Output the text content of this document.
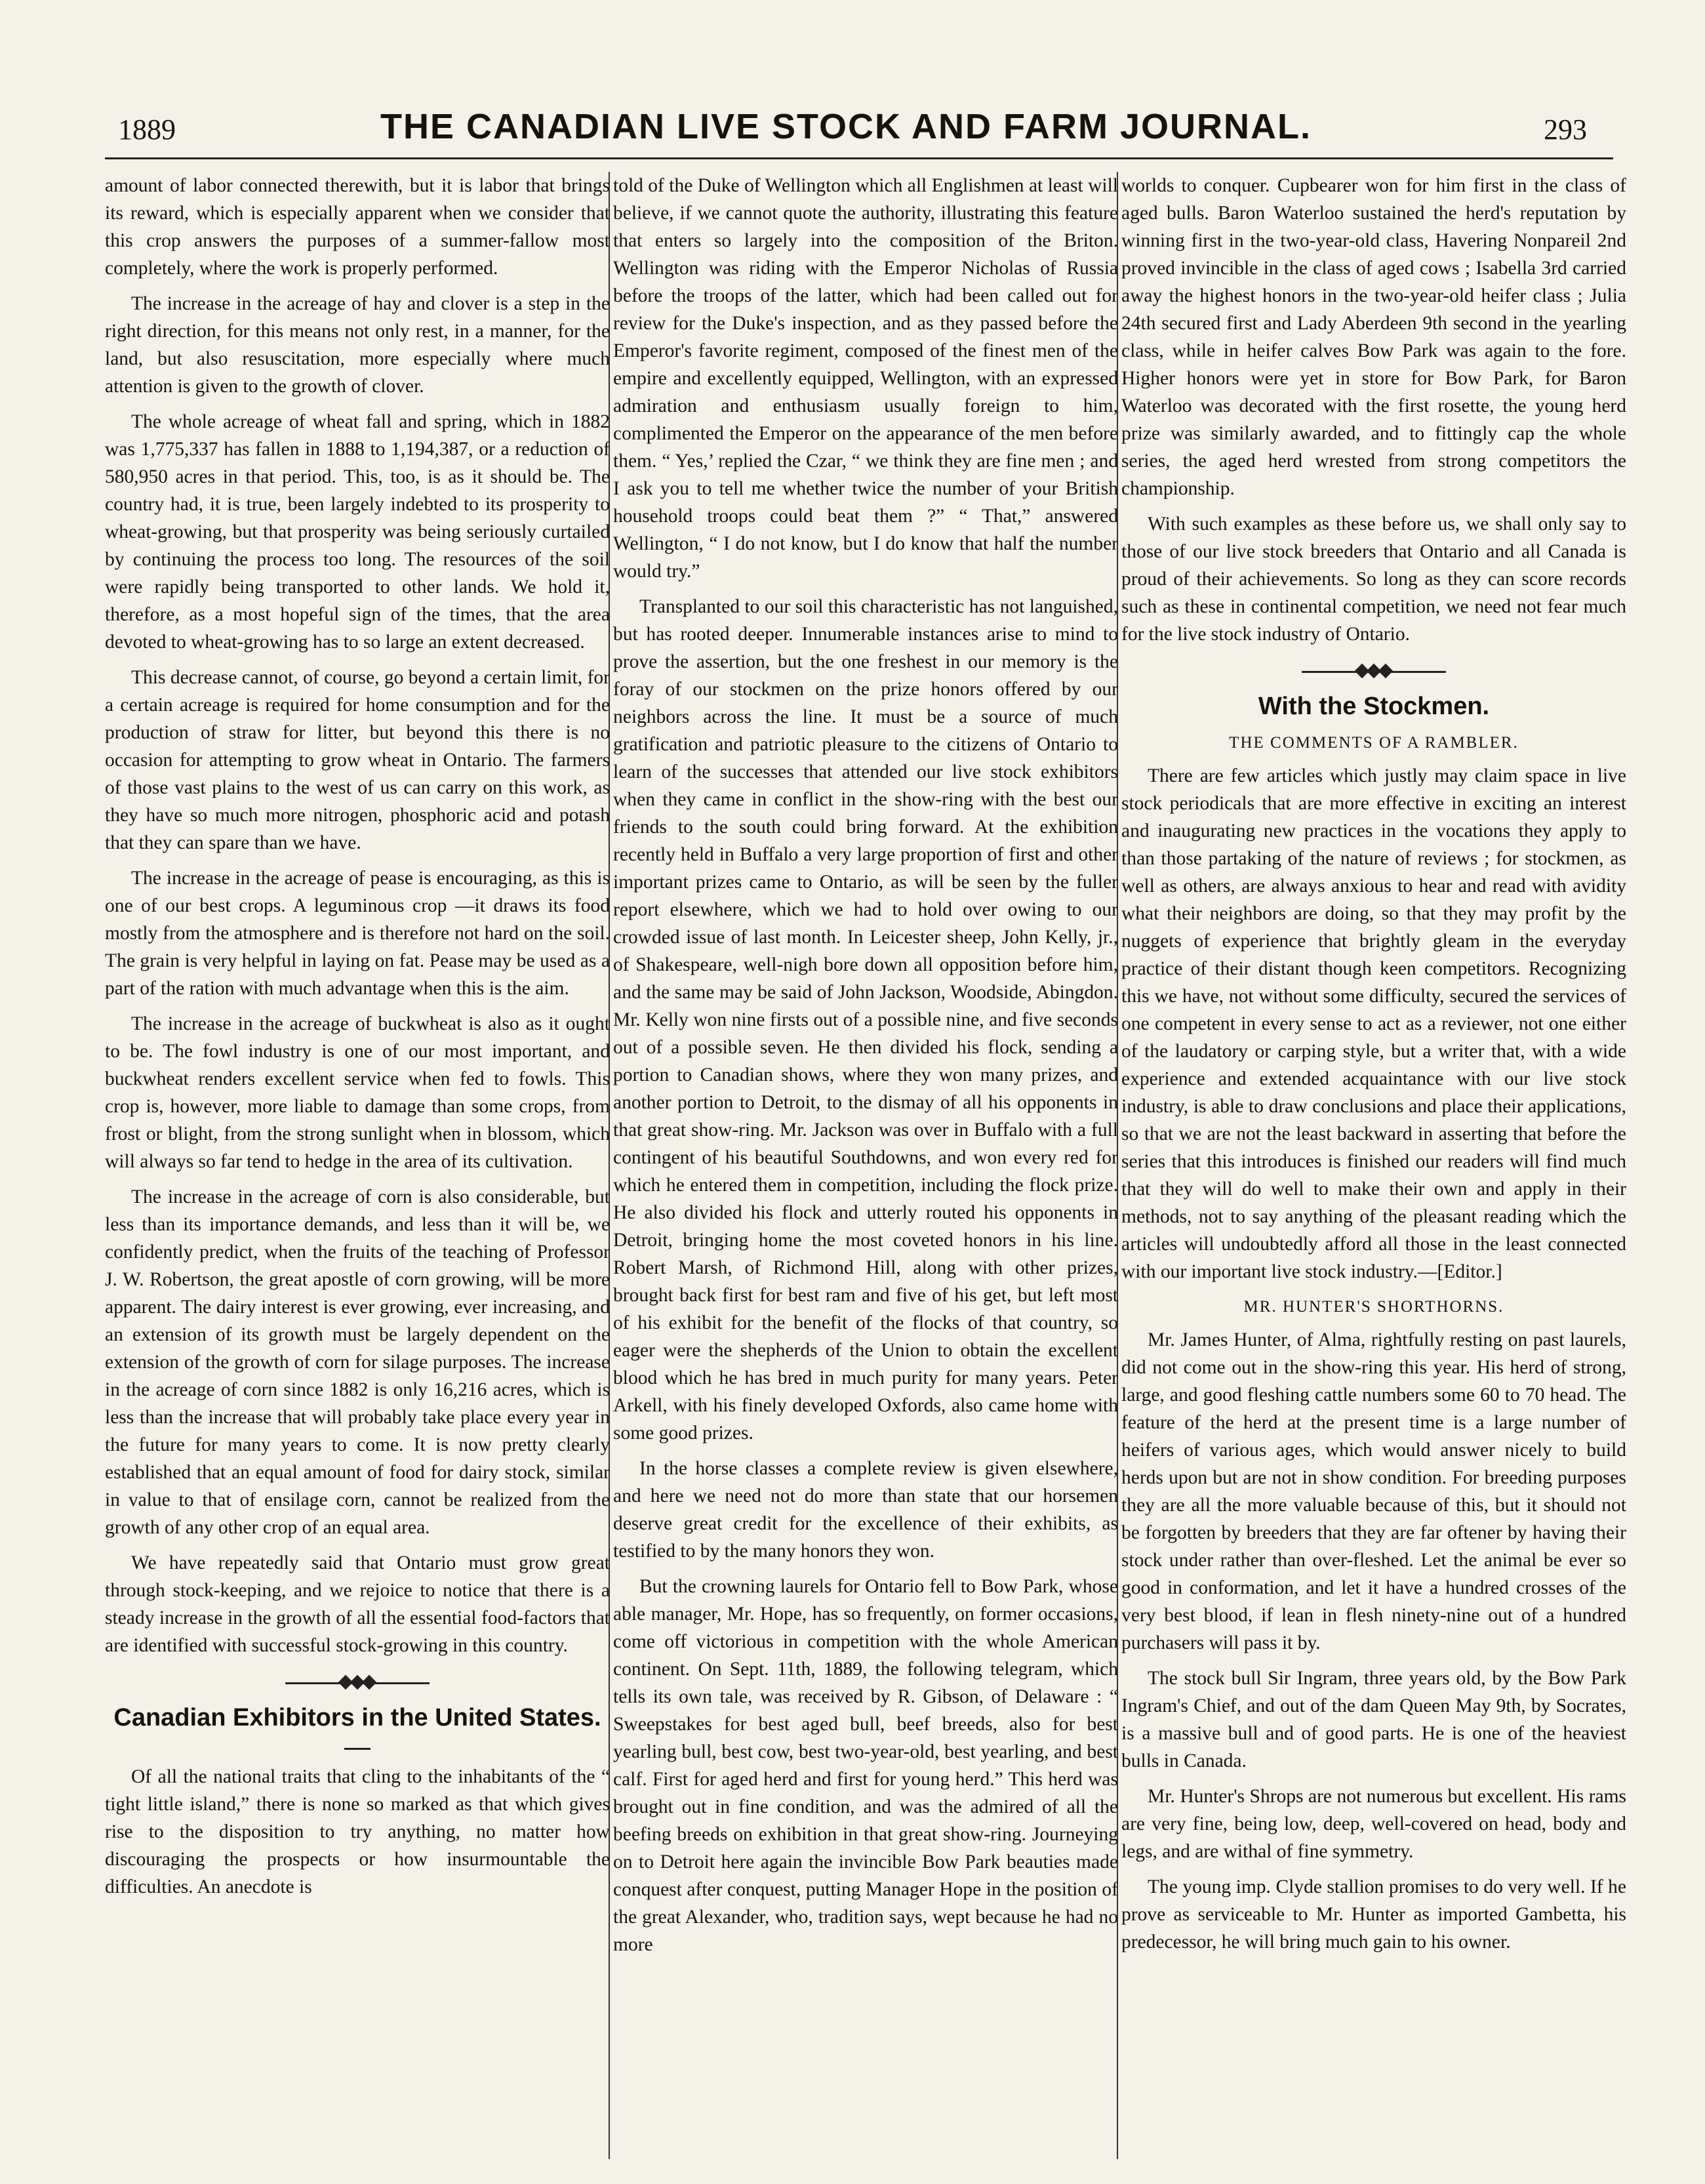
1889	THE CANADIAN LIVE STOCK AND FARM JOURNAL.	293

amount of labor connected therewith, but it is labor that brings its reward, which is especially apparent when we consider that this crop answers the purposes of a summer-fallow most completely, where the work is properly performed.

The increase in the acreage of hay and clover is a step in the right direction, for this means not only rest, in a manner, for the land, but also resuscitation, more especially where much attention is given to the growth of clover.

The whole acreage of wheat fall and spring, which in 1882 was 1,775,337 has fallen in 1888 to 1,194,387, or a reduction of 580,950 acres in that period. This, too, is as it should be. The country had, it is true, been largely indebted to its prosperity to wheat-growing, but that prosperity was being seriously curtailed by continuing the process too long. The resources of the soil were rapidly being transported to other lands. We hold it, therefore, as a most hopeful sign of the times, that the area devoted to wheat-growing has to so large an extent decreased.

This decrease cannot, of course, go beyond a certain limit, for a certain acreage is required for home consumption and for the production of straw for litter, but beyond this there is no occasion for attempting to grow wheat in Ontario. The farmers of those vast plains to the west of us can carry on this work, as they have so much more nitrogen, phosphoric acid and potash that they can spare than we have.

The increase in the acreage of pease is encouraging, as this is one of our best crops. A leguminous crop —it draws its food mostly from the atmosphere and is therefore not hard on the soil. The grain is very helpful in laying on fat. Pease may be used as a part of the ration with much advantage when this is the aim.

The increase in the acreage of buckwheat is also as it ought to be. The fowl industry is one of our most important, and buckwheat renders excellent service when fed to fowls. This crop is, however, more liable to damage than some crops, from frost or blight, from the strong sunlight when in blossom, which will always so far tend to hedge in the area of its cultivation.

The increase in the acreage of corn is also considerable, but less than its importance demands, and less than it will be, we confidently predict, when the fruits of the teaching of Professor J. W. Robertson, the great apostle of corn growing, will be more apparent. The dairy interest is ever growing, ever increasing, and an extension of its growth must be largely dependent on the extension of the growth of corn for silage purposes. The increase in the acreage of corn since 1882 is only 16,216 acres, which is less than the increase that will probably take place every year in the future for many years to come. It is now pretty clearly established that an equal amount of food for dairy stock, similar in value to that of ensilage corn, cannot be realized from the growth of any other crop of an equal area.

We have repeatedly said that Ontario must grow great through stock-keeping, and we rejoice to notice that there is a steady increase in the growth of all the essential food-factors that are identified with successful stock-growing in this country.

Canadian Exhibitors in the United States.

Of all the national traits that cling to the inhabitants of the “ tight little island,” there is none so marked as that which gives rise to the disposition to try anything, no matter how discouraging the prospects or how insurmountable the difficulties. An anecdote is

told of the Duke of Wellington which all Englishmen at least will believe, if we cannot quote the authority, illustrating this feature that enters so largely into the composition of the Briton. Wellington was riding with the Emperor Nicholas of Russia before the troops of the latter, which had been called out for review for the Duke's inspection, and as they passed before the Emperor's favorite regiment, composed of the finest men of the empire and excellently equipped, Wellington, with an expressed admiration and enthusiasm usually foreign to him, complimented the Emperor on the appearance of the men before them. “ Yes,’ replied the Czar, “ we think they are fine men ; and I ask you to tell me whether twice the number of your British household troops could beat them ?” “ That,” answered Wellington, “ I do not know, but I do know that half the number would try.”

Transplanted to our soil this characteristic has not languished, but has rooted deeper. Innumerable instances arise to mind to prove the assertion, but the one freshest in our memory is the foray of our stockmen on the prize honors offered by our neighbors across the line. It must be a source of much gratification and patriotic pleasure to the citizens of Ontario to learn of the successes that attended our live stock exhibitors when they came in conflict in the show-ring with the best our friends to the south could bring forward. At the exhibition recently held in Buffalo a very large proportion of first and other important prizes came to Ontario, as will be seen by the fuller report elsewhere, which we had to hold over owing to our crowded issue of last month. In Leicester sheep, John Kelly, jr., of Shakespeare, well-nigh bore down all opposition before him, and the same may be said of John Jackson, Woodside, Abingdon. Mr. Kelly won nine firsts out of a possible nine, and five seconds out of a possible seven. He then divided his flock, sending a portion to Canadian shows, where they won many prizes, and another portion to Detroit, to the dismay of all his opponents in that great show-ring. Mr. Jackson was over in Buffalo with a full contingent of his beautiful Southdowns, and won every red for which he entered them in competition, including the flock prize. He also divided his flock and utterly routed his opponents in Detroit, bringing home the most coveted honors in his line. Robert Marsh, of Richmond Hill, along with other prizes, brought back first for best ram and five of his get, but left most of his exhibit for the benefit of the flocks of that country, so eager were the shepherds of the Union to obtain the excellent blood which he has bred in much purity for many years. Peter Arkell, with his finely developed Oxfords, also came home with some good prizes.

In the horse classes a complete review is given elsewhere, and here we need not do more than state that our horsemen deserve great credit for the excellence of their exhibits, as testified to by the many honors they won.

But the crowning laurels for Ontario fell to Bow Park, whose able manager, Mr. Hope, has so frequently, on former occasions, come off victorious in competition with the whole American continent. On Sept. 11th, 1889, the following telegram, which tells its own tale, was received by R. Gibson, of Delaware : “ Sweepstakes for best aged bull, beef breeds, also for best yearling bull, best cow, best two-year-old, best yearling, and best calf. First for aged herd and first for young herd.” This herd was brought out in fine condition, and was the admired of all the beefing breeds on exhibition in that great show-ring. Journeying on to Detroit here again the invincible Bow Park beauties made conquest after conquest, putting Manager Hope in the position of the great Alexander, who, tradition says, wept because he had no more

worlds to conquer. Cupbearer won for him first in the class of aged bulls. Baron Waterloo sustained the herd's reputation by winning first in the two-year-old class, Havering Nonpareil 2nd proved invincible in the class of aged cows ; Isabella 3rd carried away the highest honors in the two-year-old heifer class ; Julia 24th secured first and Lady Aberdeen 9th second in the yearling class, while in heifer calves Bow Park was again to the fore. Higher honors were yet in store for Bow Park, for Baron Waterloo was decorated with the first rosette, the young herd prize was similarly awarded, and to fittingly cap the whole series, the aged herd wrested from strong competitors the championship.

With such examples as these before us, we shall only say to those of our live stock breeders that Ontario and all Canada is proud of their achievements. So long as they can score records such as these in continental competition, we need not fear much for the live stock industry of Ontario.

With the Stockmen.
THE COMMENTS OF A RAMBLER.

There are few articles which justly may claim space in live stock periodicals that are more effective in exciting an interest and inaugurating new practices in the vocations they apply to than those partaking of the nature of reviews ; for stockmen, as well as others, are always anxious to hear and read with avidity what their neighbors are doing, so that they may profit by the nuggets of experience that brightly gleam in the everyday practice of their distant though keen competitors. Recognizing this we have, not without some difficulty, secured the services of one competent in every sense to act as a reviewer, not one either of the laudatory or carping style, but a writer that, with a wide experience and extended acquaintance with our live stock industry, is able to draw conclusions and place their applications, so that we are not the least backward in asserting that before the series that this introduces is finished our readers will find much that they will do well to make their own and apply in their methods, not to say anything of the pleasant reading which the articles will undoubtedly afford all those in the least connected with our important live stock industry.—[Editor.]

MR. HUNTER'S SHORTHORNS.

Mr. James Hunter, of Alma, rightfully resting on past laurels, did not come out in the show-ring this year. His herd of strong, large, and good fleshing cattle numbers some 60 to 70 head. The feature of the herd at the present time is a large number of heifers of various ages, which would answer nicely to build herds upon but are not in show condition. For breeding purposes they are all the more valuable because of this, but it should not be forgotten by breeders that they are far oftener by having their stock under rather than over-fleshed. Let the animal be ever so good in conformation, and let it have a hundred crosses of the very best blood, if lean in flesh ninety-nine out of a hundred purchasers will pass it by.

The stock bull Sir Ingram, three years old, by the Bow Park Ingram's Chief, and out of the dam Queen May 9th, by Socrates, is a massive bull and of good parts. He is one of the heaviest bulls in Canada.

Mr. Hunter's Shrops are not numerous but excellent. His rams are very fine, being low, deep, well-covered on head, body and legs, and are withal of fine symmetry.

The young imp. Clyde stallion promises to do very well. If he prove as serviceable to Mr. Hunter as imported Gambetta, his predecessor, he will bring much gain to his owner.
